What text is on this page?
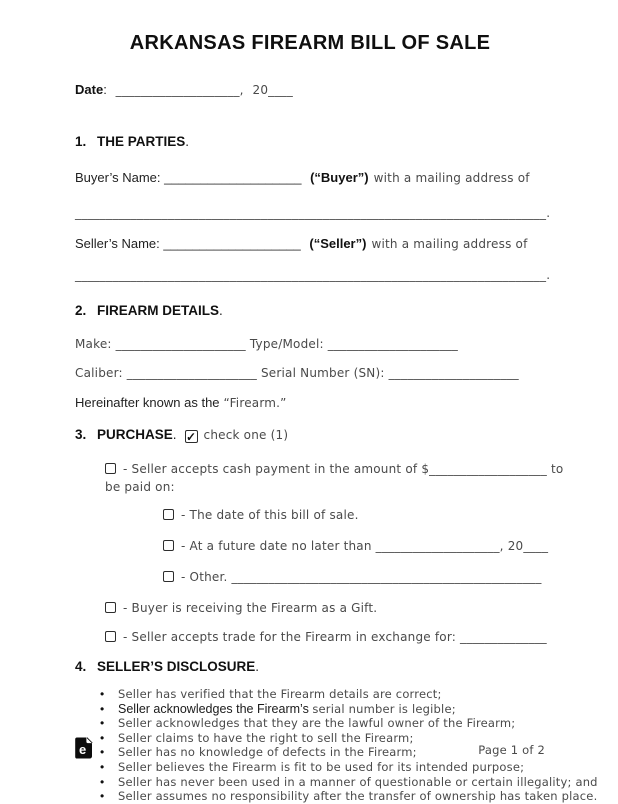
ARKANSAS FIREARM BILL OF SALE
Date: ____________________, 20____
1. THE PARTIES.
Buyer’s Name: ___________________ (“Buyer”) with a mailing address of
____________________________________________________________________________.
Seller’s Name: ___________________ (“Seller”) with a mailing address of
____________________________________________________________________________.
2. FIREARM DETAILS.
Make: _____________________ Type/Model: _____________________
Caliber: _____________________ Serial Number (SN): _____________________
Hereinafter known as the “Firearm.”
3. PURCHASE. ✓ check one (1)
- Seller accepts cash payment in the amount of $___________________ to
be paid on:
- The date of this bill of sale.
- At a future date no later than ____________________, 20____
- Other. __________________________________________________
- Buyer is receiving the Firearm as a Gift.
- Seller accepts trade for the Firearm in exchange for: ______________
4. SELLER’S DISCLOSURE.
• Seller has verified that the Firearm details are correct;
• Seller acknowledges the Firearm’s serial number is legible;
• Seller acknowledges that they are the lawful owner of the Firearm;
• Seller claims to have the right to sell the Firearm;
• Seller has no knowledge of defects in the Firearm;
• Seller believes the Firearm is fit to be used for its intended purpose;
• Seller has never been used in a manner of questionable or certain illegality; and
• Seller assumes no responsibility after the transfer of ownership has taken place.
e	Page 1 of 2
